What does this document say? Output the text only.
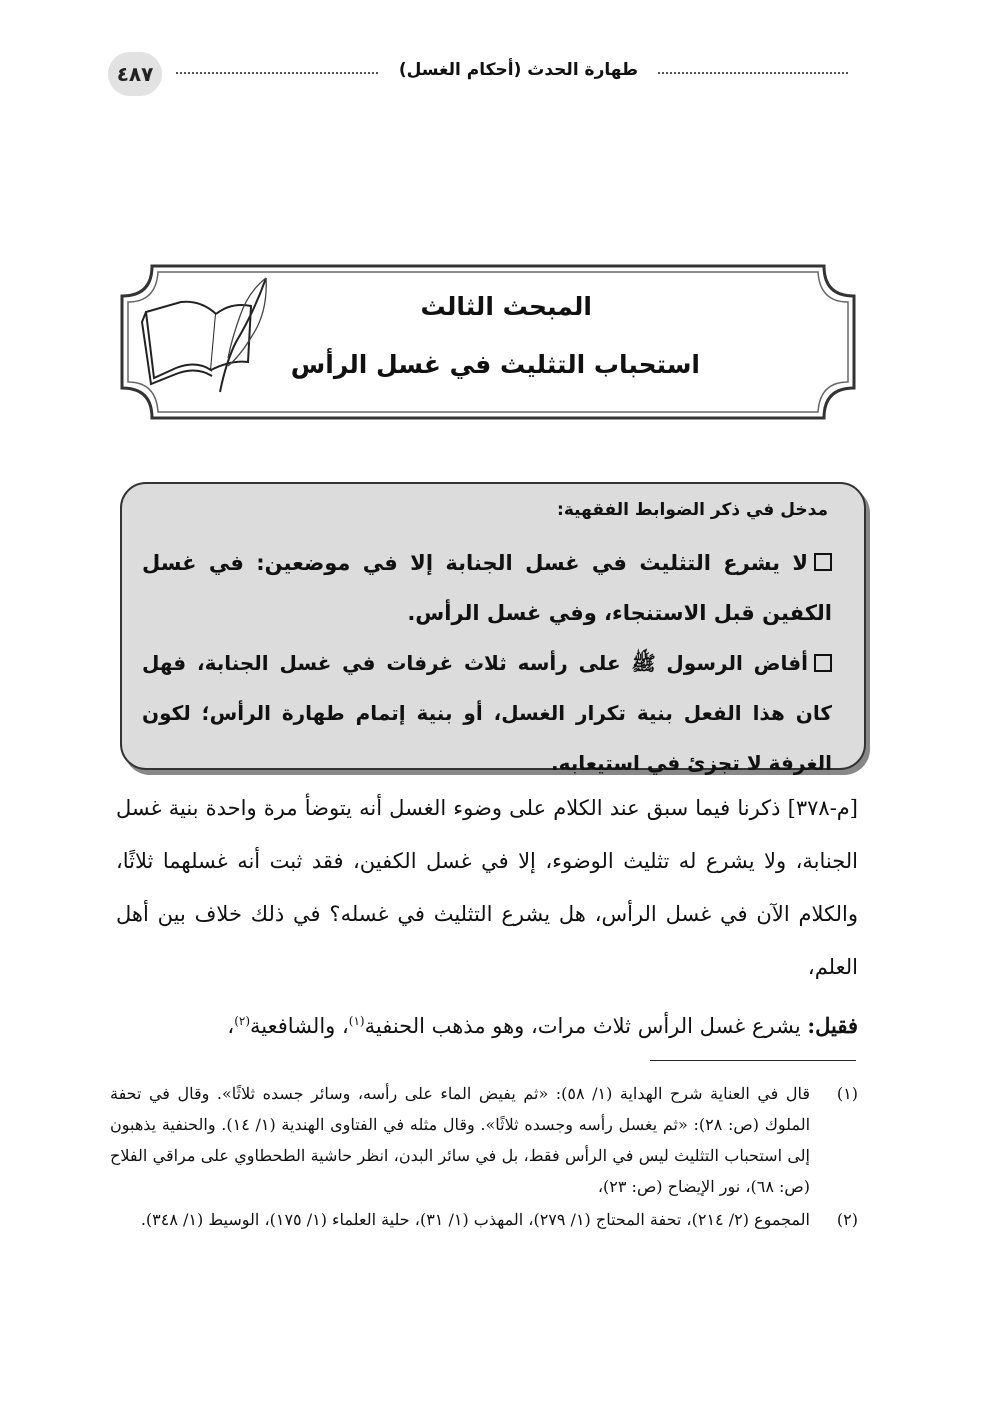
٤٨٧	طهارة الحدث (أحكام الغسل)
المبحث الثالث
استحباب التثليث في غسل الرأس
مدخل في ذكر الضوابط الفقهية:
لا يشرع التثليث في غسل الجنابة إلا في موضعين: في غسل الكفين قبل الاستنجاء، وفي غسل الرأس.
أفاض الرسول ﷺ على رأسه ثلاث غرفات في غسل الجنابة، فهل كان هذا الفعل بنية تكرار الغسل، أو بنية إتمام طهارة الرأس؛ لكون الغرفة لا تجزئ في استيعابه.
[م-٣٧٨] ذكرنا فيما سبق عند الكلام على وضوء الغسل أنه يتوضأ مرة واحدة بنية غسل الجنابة، ولا يشرع له تثليث الوضوء، إلا في غسل الكفين، فقد ثبت أنه غسلهما ثلاثًا، والكلام الآن في غسل الرأس، هل يشرع التثليث في غسله؟ في ذلك خلاف بين أهل العلم،
فقيل: يشرع غسل الرأس ثلاث مرات، وهو مذهب الحنفية$^{(١)}$، والشافعية$^{(٢)}$،
(١)
قال في العناية شرح الهداية (١/ ٥٨): «ثم يفيض الماء على رأسه، وسائر جسده ثلاثًا». وقال في تحفة الملوك (ص: ٢٨): «ثم يغسل رأسه وجسده ثلاثًا». وقال مثله في الفتاوى الهندية (١/ ١٤). والحنفية يذهبون إلى استحباب التثليث ليس في الرأس فقط، بل في سائر البدن، انظر حاشية الطحطاوي على مراقي الفلاح (ص: ٦٨)، نور الإيضاح (ص: ٢٣)،
(٢)
المجموع (٢/ ٢١٤)، تحفة المحتاج (١/ ٢٧٩)، المهذب (١/ ٣١)، حلية العلماء (١/ ١٧٥)، الوسيط (١/ ٣٤٨).
